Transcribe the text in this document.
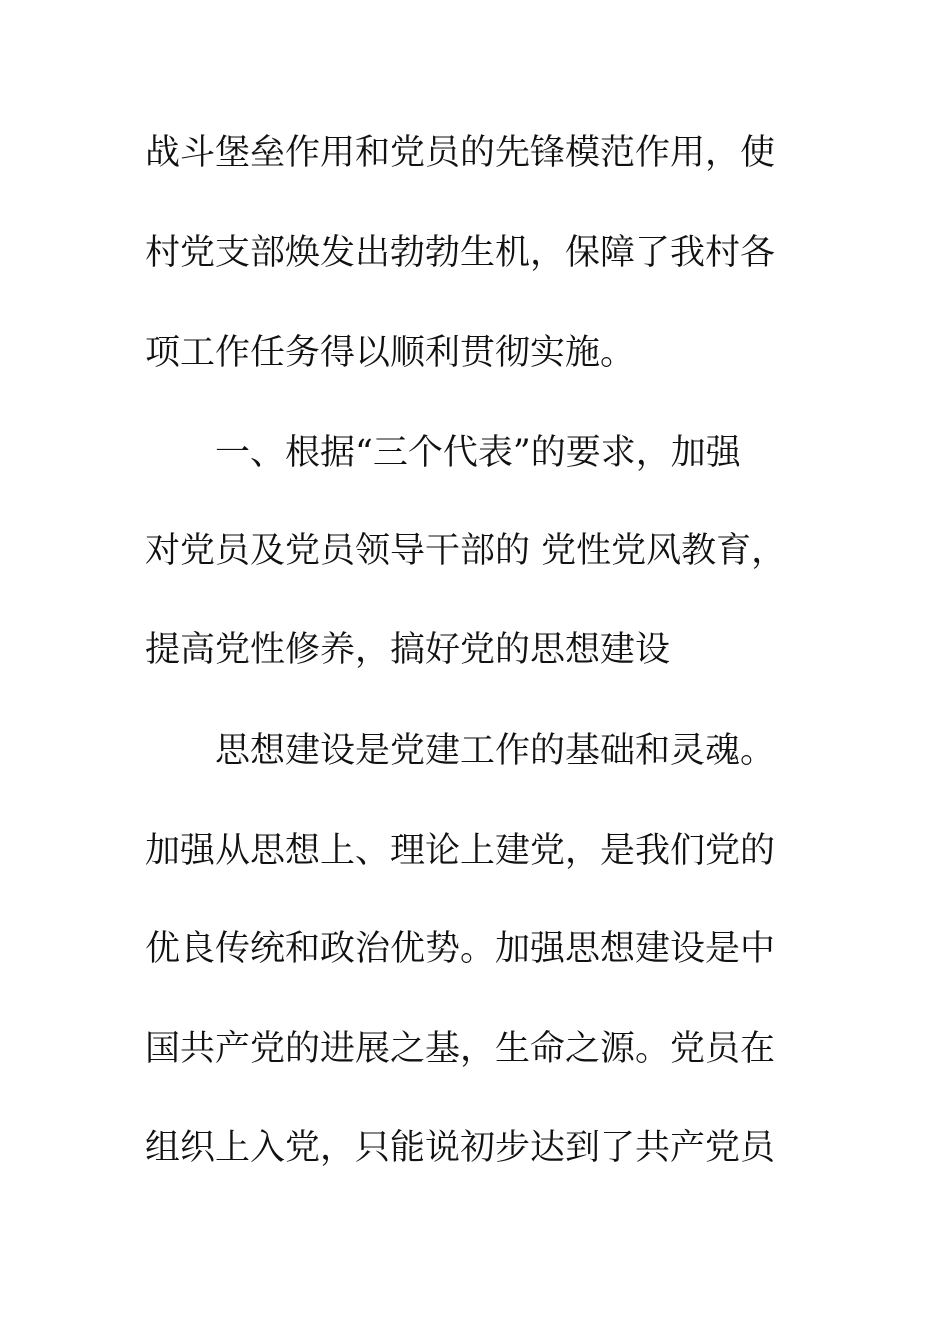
战斗堡垒作用和党员的先锋模范作用，使
村党支部焕发出勃勃生机，保障了我村各
项工作任务得以顺利贯彻实施。
一、根据“三个代表”的要求，加强
对党员及党员领导干部的 党性党风教育，
提高党性修养，搞好党的思想建设
思想建设是党建工作的基础和灵魂。
加强从思想上、理论上建党，是我们党的
优良传统和政治优势。加强思想建设是中
国共产党的进展之基，生命之源。党员在
组织上入党，只能说初步达到了共产党员
